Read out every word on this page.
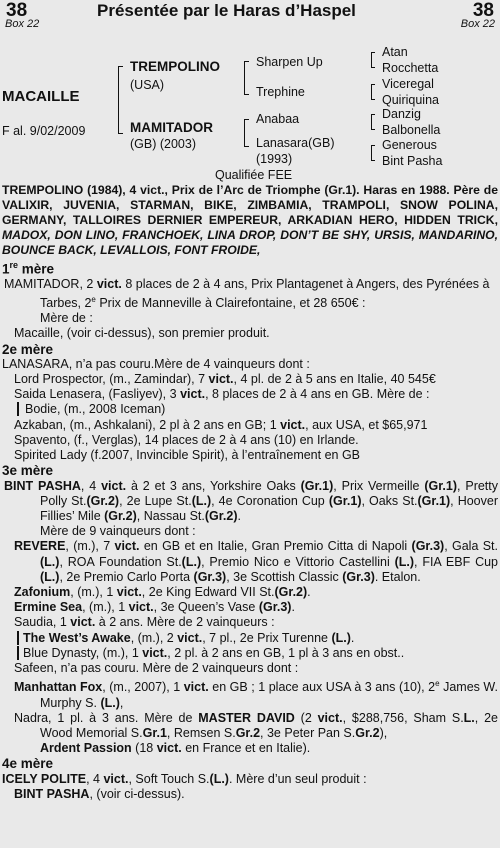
38
Box 22
Présentée par le Haras d’Haspel	38
Box 22
MACAILLE
F al. 9/02/2009
TREMPOLINO
(USA)
MAMITADOR
(GB) (2003)
Sharpen Up
Trephine
Anabaa
Lanasara(GB)
(1993)
Atan
Rocchetta
Viceregal
Quiriquina
Danzig
Balbonella
Generous
Bint Pasha
Qualifiée FEE

TREMPOLINO (1984), 4 vict., Prix de l’Arc de Triomphe (Gr.1). Haras en 1988. Père de VALIXIR, JUVENIA, STARMAN, BIKE, ZIMBAMIA, TRAMPOLI, SNOW POLINA, GERMANY, TALLOIRES DERNIER EMPEREUR, ARKADIAN HERO, HIDDEN TRICK, MADOX, DON LINO, FRANCHOEK, LINA DROP, DON’T BE SHY, URSIS, MANDARINO, BOUNCE BACK, LEVALLOIS, FONT FROIDE,

1re mère

MAMITADOR, 2 vict. 8 places de 2 à 4 ans, Prix Plantagenet à Angers, des Pyrénées à Tarbes, 2e Prix de Manneville à Clairefontaine, et 28 650€ :

Mère de :

Macaille, (voir ci-dessus), son premier produit.

2e mère

LANASARA, n’a pas couru.Mère de 4 vainqueurs dont :

Lord Prospector, (m., Zamindar), 7 vict., 4 pl. de 2 à 5 ans en Italie, 40 545€

Saida Lenasera, (Fasliyev), 3 vict., 8 places de 2 à 4 ans en GB. Mère de :

Bodie, (m., 2008 Iceman)

Azkaban, (m., Ashkalani), 2 pl à 2 ans en GB; 1 vict., aux USA, et $65,971

Spavento, (f., Verglas), 14 places de 2 à 4 ans (10) en Irlande.

Spirited Lady (f.2007, Invincible Spirit), à l’entraînement en GB

3e mère

BINT PASHA, 4 vict. à 2 et 3 ans, Yorkshire Oaks (Gr.1), Prix Vermeille (Gr.1), Pretty Polly St.(Gr.2), 2e Lupe St.(L.), 4e Coronation Cup (Gr.1), Oaks St.(Gr.1), Hoover Fillies’ Mile (Gr.2), Nassau St.(Gr.2).

Mère de 9 vainqueurs dont :

REVERE, (m.), 7 vict. en GB et en Italie, Gran Premio Citta di Napoli (Gr.3), Gala St.(L.), ROA Foundation St.(L.), Premio Nico e Vittorio Castellini (L.), FIA EBF Cup (L.), 2e Premio Carlo Porta (Gr.3), 3e Scottish Classic (Gr.3). Etalon.

Zafonium, (m.), 1 vict., 2e King Edward VII St.(Gr.2).

Ermine Sea, (m.), 1 vict., 3e Queen’s Vase (Gr.3).

Saudia, 1 vict. à 2 ans. Mère de 2 vainqueurs :

The West’s Awake, (m.), 2 vict., 7 pl., 2e Prix Turenne (L.).

Blue Dynasty, (m.), 1 vict., 2 pl. à 2 ans en GB, 1 pl à 3 ans en obst..

Safeen, n’a pas couru. Mère de 2 vainqueurs dont :

Manhattan Fox, (m., 2007), 1 vict. en GB ; 1 place aux USA à 3 ans (10), 2e James W. Murphy S. (L.),

Nadra, 1 pl. à 3 ans. Mère de MASTER DAVID (2 vict., $288,756, Sham S.L., 2e Wood Memorial S.Gr.1, Remsen S.Gr.2, 3e Peter Pan S.Gr.2),

Ardent Passion (18 vict. en France et en Italie).

4e mère

ICELY POLITE, 4 vict., Soft Touch S.(L.). Mère d’un seul produit :

BINT PASHA, (voir ci-dessus).
